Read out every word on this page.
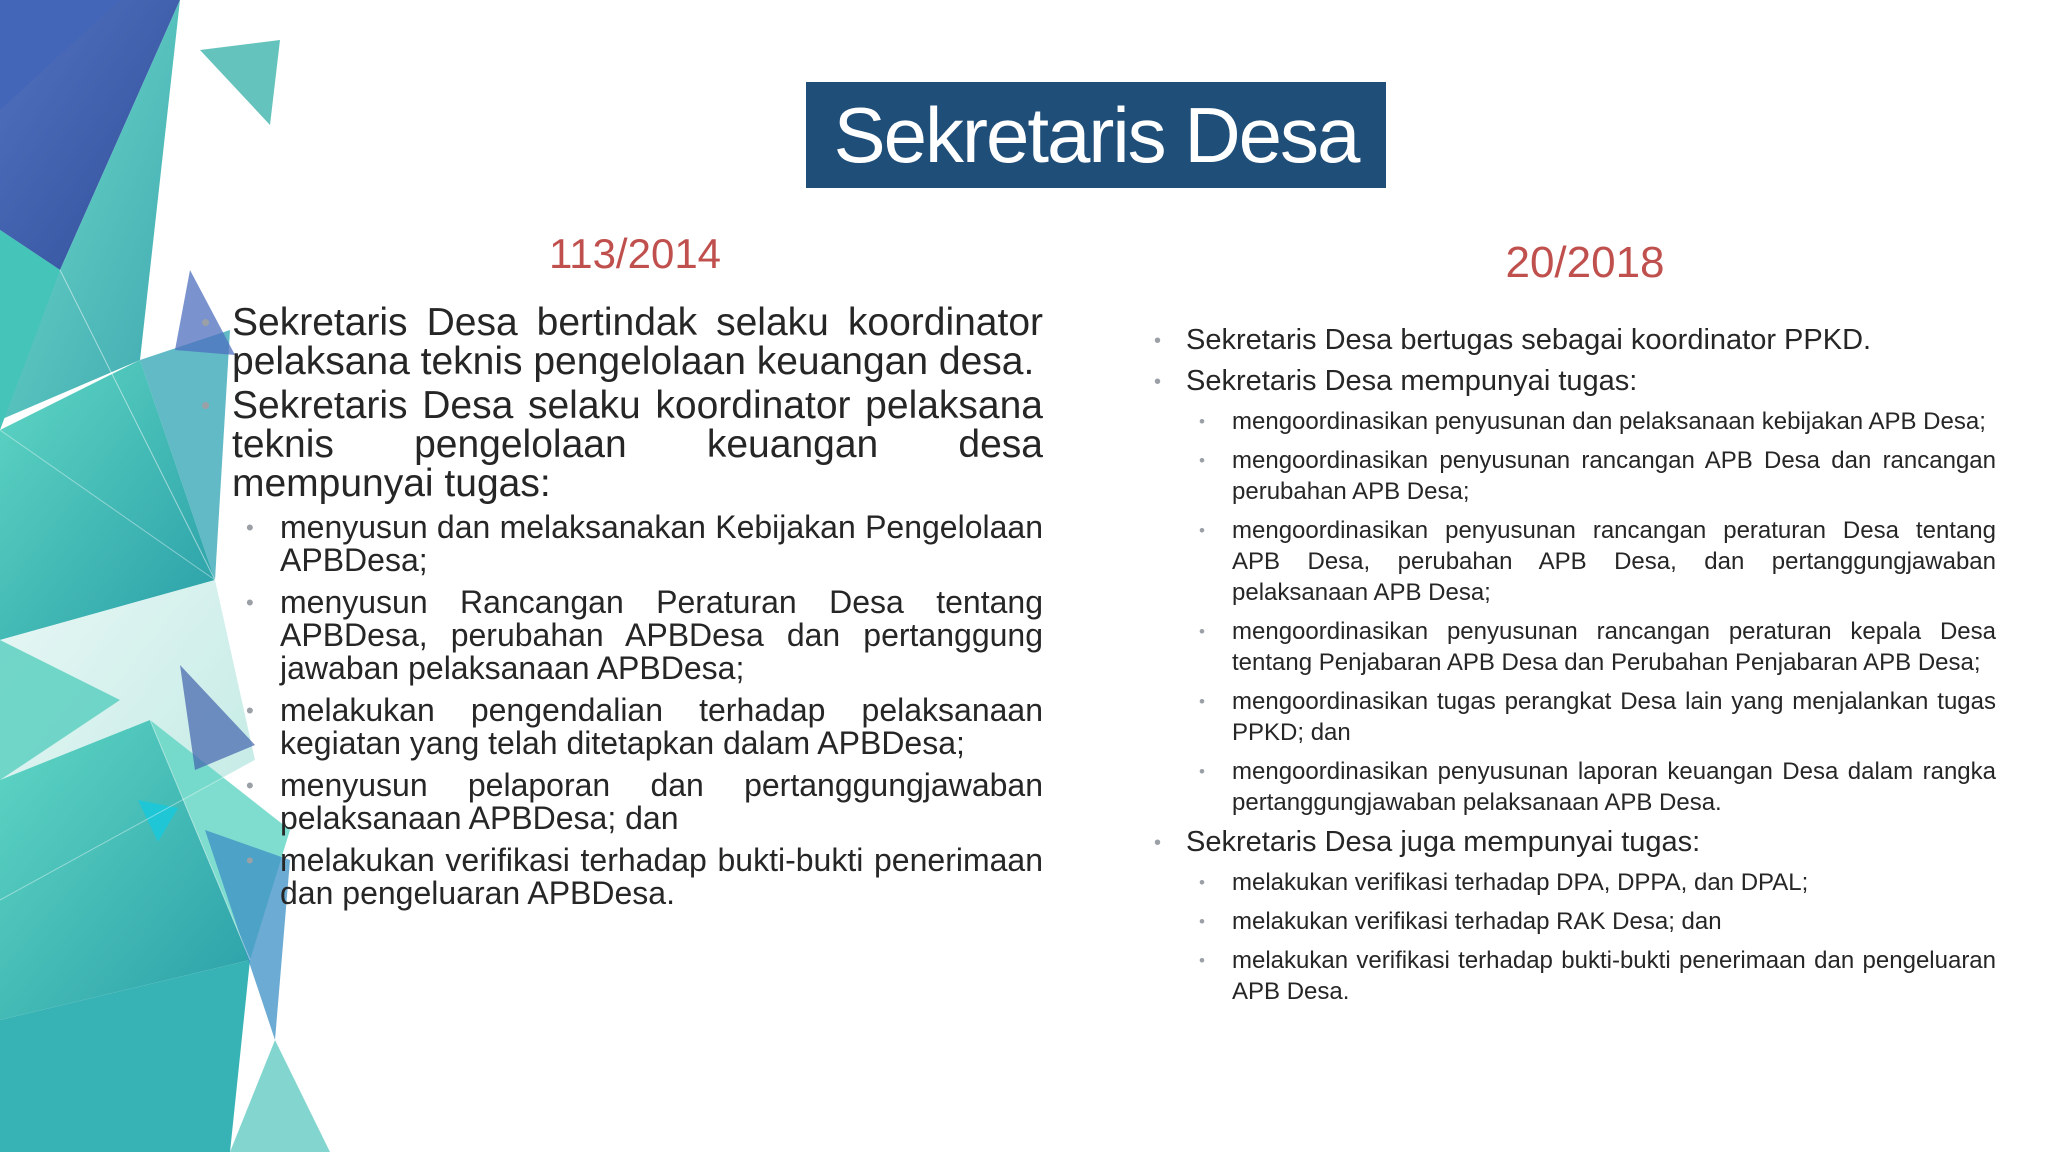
Sekretaris Desa
113/2014	20/2018
• Sekretaris Desa bertindak selaku koordinator pelaksana teknis pengelolaan keuangan desa.
• Sekretaris Desa selaku koordinator pelaksana teknis pengelolaan keuangan desa mempunyai tugas:
• menyusun dan melaksanakan Kebijakan Pengelolaan APBDesa;
• menyusun Rancangan Peraturan Desa tentang APBDesa, perubahan APBDesa dan pertanggung jawaban pelaksanaan APBDesa;
• melakukan pengendalian terhadap pelaksanaan kegiatan yang telah ditetapkan dalam APBDesa;
• menyusun pelaporan dan pertanggungjawaban pelaksanaan APBDesa; dan
• melakukan verifikasi terhadap bukti-bukti penerimaan dan pengeluaran APBDesa.
• Sekretaris Desa bertugas sebagai koordinator PPKD.
• Sekretaris Desa mempunyai tugas:
• mengoordinasikan penyusunan dan pelaksanaan kebijakan APB Desa;
• mengoordinasikan penyusunan rancangan APB Desa dan rancangan perubahan APB Desa;
• mengoordinasikan penyusunan rancangan peraturan Desa tentang APB Desa, perubahan APB Desa, dan pertanggungjawaban pelaksanaan APB Desa;
• mengoordinasikan penyusunan rancangan peraturan kepala Desa tentang Penjabaran APB Desa dan Perubahan Penjabaran APB Desa;
• mengoordinasikan tugas perangkat Desa lain yang menjalankan tugas PPKD; dan
• mengoordinasikan penyusunan laporan keuangan Desa dalam rangka pertanggungjawaban pelaksanaan APB Desa.
• Sekretaris Desa juga mempunyai tugas:
• melakukan verifikasi terhadap DPA, DPPA, dan DPAL;
• melakukan verifikasi terhadap RAK Desa; dan
• melakukan verifikasi terhadap bukti-bukti penerimaan dan pengeluaran APB Desa.
